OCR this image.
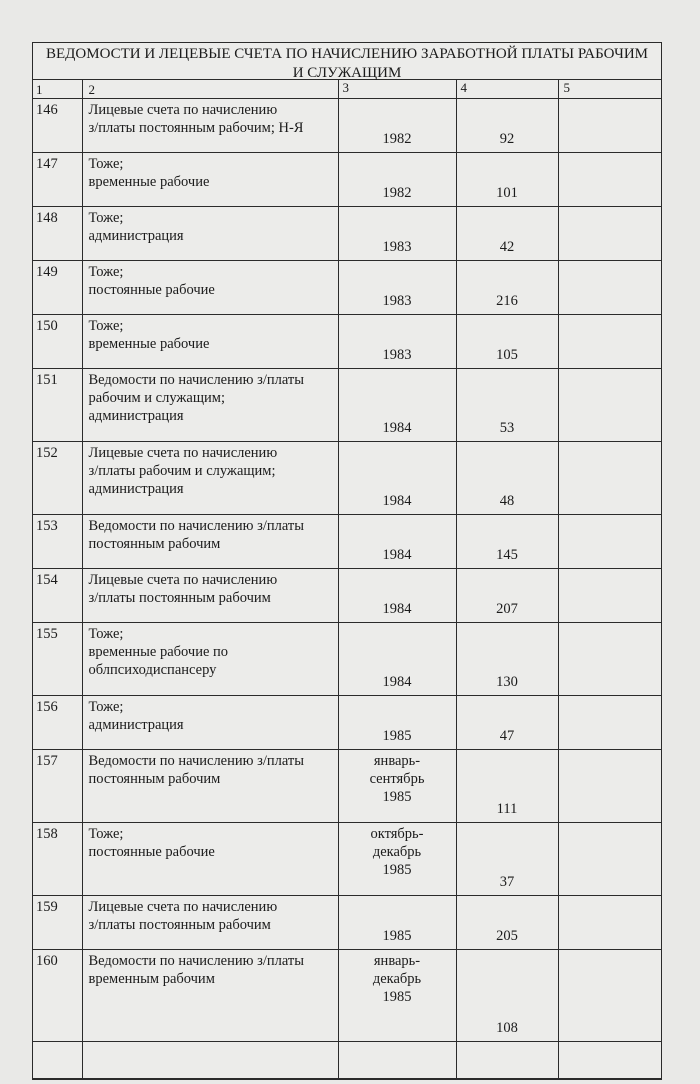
ВЕДОМОСТИ И ЛЕЦЕВЫЕ СЧЕТА ПО НАЧИСЛЕНИЮ ЗАРАБОТНОЙ ПЛАТЫ РАБОЧИМ И СЛУЖАЩИМ
1	2	3	4	5
146	Лицевые счета по начислению
з/платы постоянным рабочим; Н-Я	1982	92	

147	Тоже;
временные рабочие	1982	101	

148	Тоже;
администрация	1983	42	

149	Тоже;
постоянные рабочие	1983	216	

150	Тоже;
временные рабочие	1983	105	

151	Ведомости по начислению з/платы
рабочим и служащим;
администрация	1984	53	

152	Лицевые счета по начислению
з/платы рабочим и служащим;
администрация	1984	48	

153	Ведомости по начислению з/платы
постоянным рабочим	1984	145	

154	Лицевые счета по начислению
з/платы постоянным рабочим	1984	207	

155	Тоже;
временные рабочие по
облпсиходиспансеру	1984	130	

156	Тоже;
администрация	1985	47	

157	Ведомости по начислению з/платы
постоянным рабочим	январь-
сентябрь
1985	111	

158	Тоже;
постоянные рабочие	октябрь-
декабрь
1985	37	

159	Лицевые счета по начислению
з/платы постоянным рабочим	1985	205	

160	Ведомости по начислению з/платы
временным рабочим	январь-
декабрь
1985	108	
